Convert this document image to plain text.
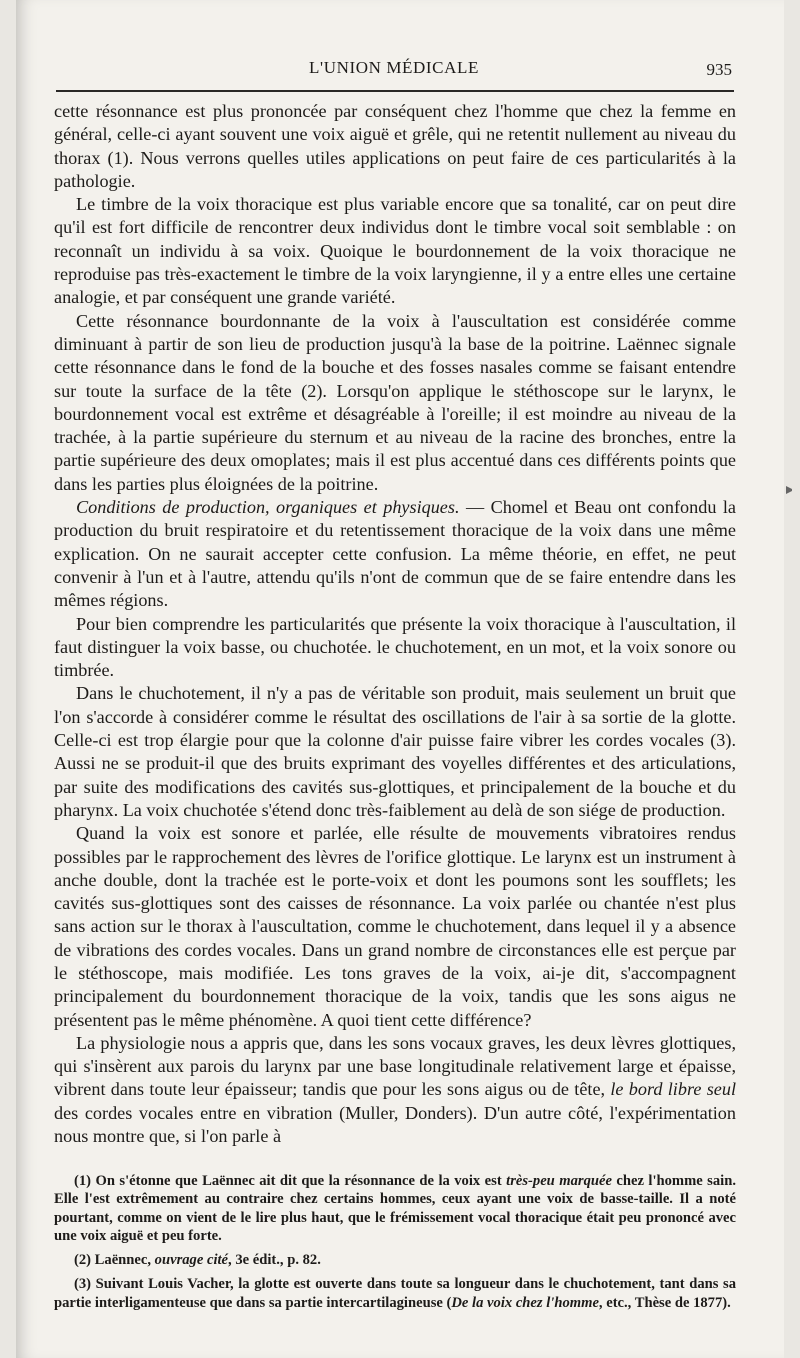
L'UNION MÉDICALE	935

cette résonnance est plus prononcée par conséquent chez l'homme que chez la femme en général, celle-ci ayant souvent une voix aiguë et grêle, qui ne retentit nullement au niveau du thorax (1). Nous verrons quelles utiles applications on peut faire de ces particularités à la pathologie.

Le timbre de la voix thoracique est plus variable encore que sa tonalité, car on peut dire qu'il est fort difficile de rencontrer deux individus dont le timbre vocal soit semblable : on reconnaît un individu à sa voix. Quoique le bourdonnement de la voix thoracique ne reproduise pas très-exactement le timbre de la voix laryngienne, il y a entre elles une certaine analogie, et par conséquent une grande variété.

Cette résonnance bourdonnante de la voix à l'auscultation est considérée comme diminuant à partir de son lieu de production jusqu'à la base de la poitrine. Laënnec signale cette résonnance dans le fond de la bouche et des fosses nasales comme se faisant entendre sur toute la surface de la tête (2). Lorsqu'on applique le stéthoscope sur le larynx, le bourdonnement vocal est extrême et désagréable à l'oreille; il est moindre au niveau de la trachée, à la partie supérieure du sternum et au niveau de la racine des bronches, entre la partie supérieure des deux omoplates; mais il est plus accentué dans ces différents points que dans les parties plus éloignées de la poitrine.

Conditions de production, organiques et physiques. — Chomel et Beau ont confondu la production du bruit respiratoire et du retentissement thoracique de la voix dans une même explication. On ne saurait accepter cette confusion. La même théorie, en effet, ne peut convenir à l'un et à l'autre, attendu qu'ils n'ont de commun que de se faire entendre dans les mêmes régions.

Pour bien comprendre les particularités que présente la voix thoracique à l'auscultation, il faut distinguer la voix basse, ou chuchotée. le chuchotement, en un mot, et la voix sonore ou timbrée.

Dans le chuchotement, il n'y a pas de véritable son produit, mais seulement un bruit que l'on s'accorde à considérer comme le résultat des oscillations de l'air à sa sortie de la glotte. Celle-ci est trop élargie pour que la colonne d'air puisse faire vibrer les cordes vocales (3). Aussi ne se produit-il que des bruits exprimant des voyelles différentes et des articulations, par suite des modifications des cavités sus-glottiques, et principalement de la bouche et du pharynx. La voix chuchotée s'étend donc très-faiblement au delà de son siége de production.

Quand la voix est sonore et parlée, elle résulte de mouvements vibratoires rendus possibles par le rapprochement des lèvres de l'orifice glottique. Le larynx est un instrument à anche double, dont la trachée est le porte-voix et dont les poumons sont les soufflets; les cavités sus-glottiques sont des caisses de résonnance. La voix parlée ou chantée n'est plus sans action sur le thorax à l'auscultation, comme le chuchotement, dans lequel il y a absence de vibrations des cordes vocales. Dans un grand nombre de circonstances elle est perçue par le stéthoscope, mais modifiée. Les tons graves de la voix, ai-je dit, s'accompagnent principalement du bourdonnement thoracique de la voix, tandis que les sons aigus ne présentent pas le même phénomène. A quoi tient cette différence?

La physiologie nous a appris que, dans les sons vocaux graves, les deux lèvres glottiques, qui s'insèrent aux parois du larynx par une base longitudinale relativement large et épaisse, vibrent dans toute leur épaisseur; tandis que pour les sons aigus ou de tête, le bord libre seul des cordes vocales entre en vibration (Muller, Donders). D'un autre côté, l'expérimentation nous montre que, si l'on parle à

(1) On s'étonne que Laënnec ait dit que la résonnance de la voix est très-peu marquée chez l'homme sain. Elle l'est extrêmement au contraire chez certains hommes, ceux ayant une voix de basse-taille. Il a noté pourtant, comme on vient de le lire plus haut, que le frémissement vocal thoracique était peu prononcé avec une voix aiguë et peu forte.

(2) Laënnec, ouvrage cité, 3e édit., p. 82.

(3) Suivant Louis Vacher, la glotte est ouverte dans toute sa longueur dans le chuchotement, tant dans sa partie interligamenteuse que dans sa partie intercartilagineuse (De la voix chez l'homme, etc., Thèse de 1877).
